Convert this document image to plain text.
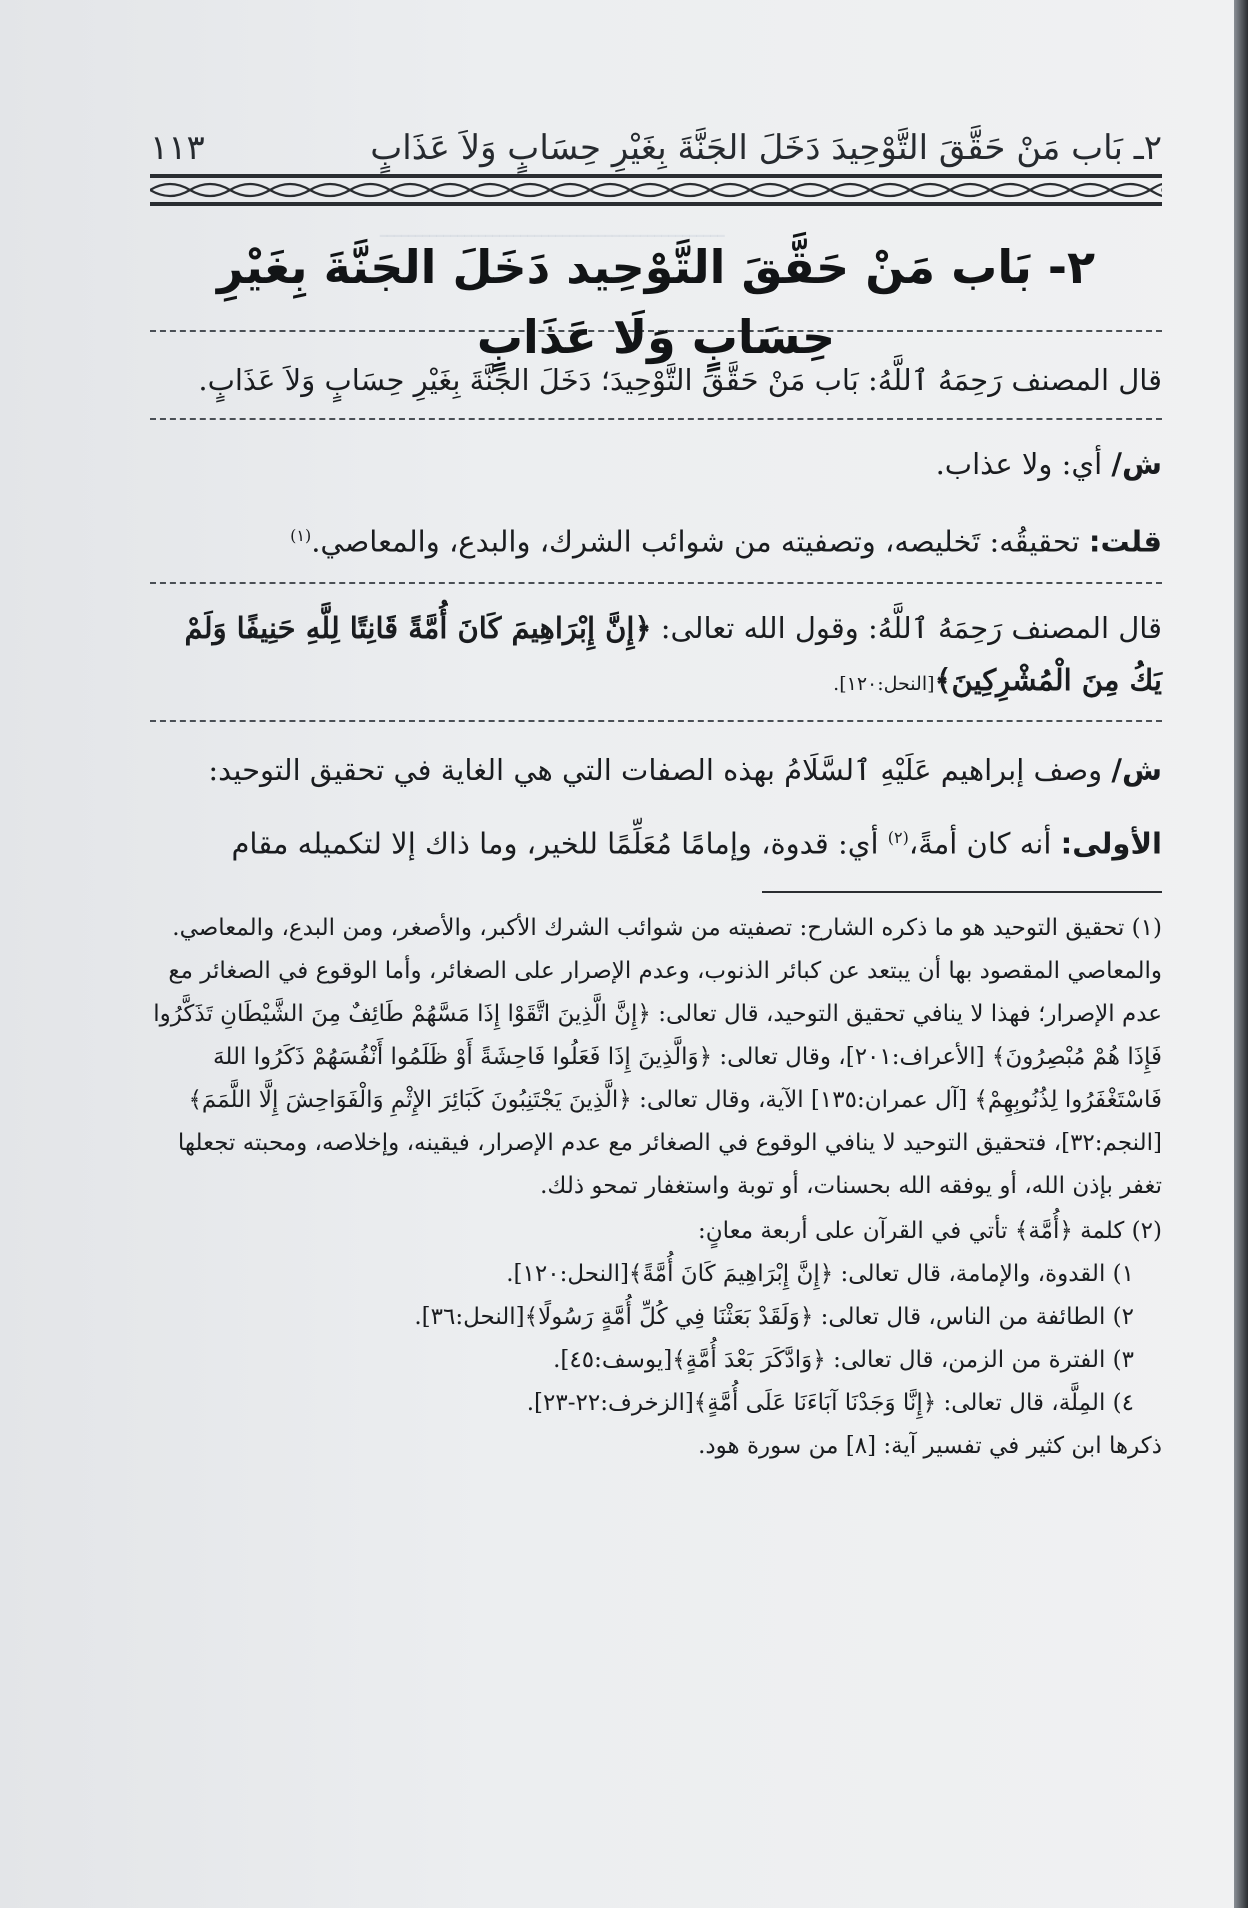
ـــــــــــــــــــــــــــــــــــــــــــــــــ
٢ـ بَاب مَنْ حَقَّقَ التَّوْحِيدَ دَخَلَ الجَنَّةَ بِغَيْرِ حِسَابٍ وَلاَ عَذَابٍ
١١٣
٢- بَاب مَنْ حَقَّقَ التَّوْحِيد دَخَلَ الجَنَّةَ بِغَيْرِ حِسَابٍ وَلَا عَذَابٍ
قال المصنف رَحِمَهُ ٱللَّهُ: بَاب مَنْ حَقَّقَ التَّوْحِيدَ؛ دَخَلَ الجَنَّةَ بِغَيْرِ حِسَابٍ وَلاَ عَذَابٍ.
ش/ أي: ولا عذاب.
قلت: تحقيقُه: تَخليصه، وتصفيته من شوائب الشرك، والبدع، والمعاصي.$^{(١)}$
قال المصنف رَحِمَهُ ٱللَّهُ: وقول الله تعالى: ﴿إِنَّ إِبْرَاهِيمَ كَانَ أُمَّةً قَانِتًا لِلَّهِ حَنِيفًا وَلَمْ يَكُ مِنَ الْمُشْرِكِينَ﴾[النحل:١٢٠].
ش/ وصف إبراهيم عَلَيْهِ ٱلسَّلَامُ بهذه الصفات التي هي الغاية في تحقيق التوحيد:
الأولى: أنه كان أمةً،$^{(٢)}$ أي: قدوة، وإمامًا مُعَلِّمًا للخير، وما ذاك إلا لتكميله مقام
(١) تحقيق التوحيد هو ما ذكره الشارح: تصفيته من شوائب الشرك الأكبر، والأصغر، ومن البدع، والمعاصي. والمعاصي المقصود بها أن يبتعد عن كبائر الذنوب، وعدم الإصرار على الصغائر، وأما الوقوع في الصغائر مع عدم الإصرار؛ فهذا لا ينافي تحقيق التوحيد، قال تعالى: ﴿إِنَّ الَّذِينَ اتَّقَوْا إِذَا مَسَّهُمْ طَائِفٌ مِنَ الشَّيْطَانِ تَذَكَّرُوا فَإِذَا هُمْ مُبْصِرُونَ﴾ [الأعراف:٢٠١]، وقال تعالى: ﴿وَالَّذِينَ إِذَا فَعَلُوا فَاحِشَةً أَوْ ظَلَمُوا أَنْفُسَهُمْ ذَكَرُوا اللهَ فَاسْتَغْفَرُوا لِذُنُوبِهِمْ﴾ [آل عمران:١٣٥] الآية، وقال تعالى: ﴿الَّذِينَ يَجْتَنِبُونَ كَبَائِرَ الإِثْمِ وَالْفَوَاحِشَ إِلَّا اللَّمَمَ﴾ [النجم:٣٢]، فتحقيق التوحيد لا ينافي الوقوع في الصغائر مع عدم الإصرار، فيقينه، وإخلاصه، ومحبته تجعلها تغفر بإذن الله، أو يوفقه الله بحسنات، أو توبة واستغفار تمحو ذلك.
(٢) كلمة ﴿أُمَّة﴾ تأتي في القرآن على أربعة معانٍ:
١) القدوة، والإمامة، قال تعالى: ﴿إِنَّ إِبْرَاهِيمَ كَانَ أُمَّةً﴾[النحل:١٢٠].
٢) الطائفة من الناس، قال تعالى: ﴿وَلَقَدْ بَعَثْنَا فِي كُلِّ أُمَّةٍ رَسُولًا﴾[النحل:٣٦].
٣) الفترة من الزمن، قال تعالى: ﴿وَادَّكَرَ بَعْدَ أُمَّةٍ﴾[يوسف:٤٥].
٤) المِلَّة، قال تعالى: ﴿إِنَّا وَجَدْنَا آبَاءَنَا عَلَى أُمَّةٍ﴾[الزخرف:٢٢-٢٣].
ذكرها ابن كثير في تفسير آية: [٨] من سورة هود.
